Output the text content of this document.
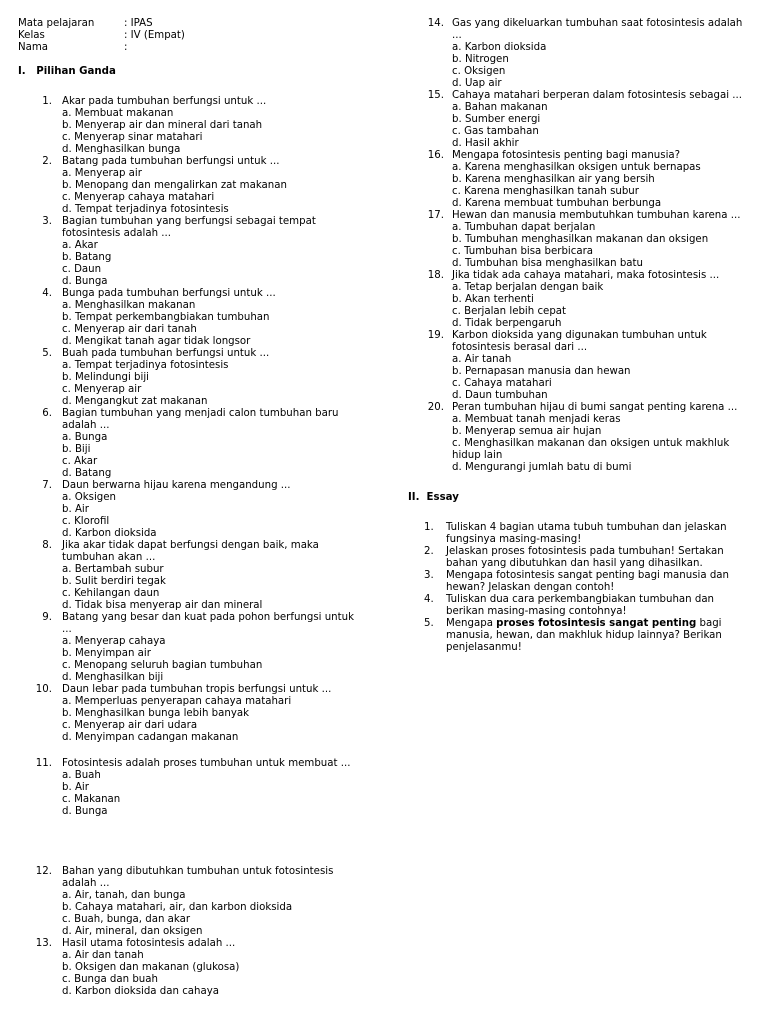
Mata pelajaran	: IPAS
Kelas	: IV (Empat)
Nama	:
I.   Pilihan Ganda
1. Akar pada tumbuhan berfungsi untuk ...
a. Membuat makanan
b. Menyerap air dan mineral dari tanah
c. Menyerap sinar matahari
d. Menghasilkan bunga
2. Batang pada tumbuhan berfungsi untuk ...
a. Menyerap air
b. Menopang dan mengalirkan zat makanan
c. Menyerap cahaya matahari
d. Tempat terjadinya fotosintesis
3. Bagian tumbuhan yang berfungsi sebagai tempat fotosintesis adalah ...
a. Akar
b. Batang
c. Daun
d. Bunga
4. Bunga pada tumbuhan berfungsi untuk ...
a. Menghasilkan makanan
b. Tempat perkembangbiakan tumbuhan
c. Menyerap air dari tanah
d. Mengikat tanah agar tidak longsor
5. Buah pada tumbuhan berfungsi untuk ...
a. Tempat terjadinya fotosintesis
b. Melindungi biji
c. Menyerap air
d. Mengangkut zat makanan
6. Bagian tumbuhan yang menjadi calon tumbuhan baru adalah ...
a. Bunga
b. Biji
c. Akar
d. Batang
7. Daun berwarna hijau karena mengandung ...
a. Oksigen
b. Air
c. Klorofil
d. Karbon dioksida
8. Jika akar tidak dapat berfungsi dengan baik, maka tumbuhan akan ...
a. Bertambah subur
b. Sulit berdiri tegak
c. Kehilangan daun
d. Tidak bisa menyerap air dan mineral
9. Batang yang besar dan kuat pada pohon berfungsi untuk ...
a. Menyerap cahaya
b. Menyimpan air
c. Menopang seluruh bagian tumbuhan
d. Menghasilkan biji
10. Daun lebar pada tumbuhan tropis berfungsi untuk ...
a. Memperluas penyerapan cahaya matahari
b. Menghasilkan bunga lebih banyak
c. Menyerap air dari udara
d. Menyimpan cadangan makanan
11. Fotosintesis adalah proses tumbuhan untuk membuat ...
a. Buah
b. Air
c. Makanan
d. Bunga
12. Bahan yang dibutuhkan tumbuhan untuk fotosintesis adalah ...
a. Air, tanah, dan bunga
b. Cahaya matahari, air, dan karbon dioksida
c. Buah, bunga, dan akar
d. Air, mineral, dan oksigen
13. Hasil utama fotosintesis adalah ...
a. Air dan tanah
b. Oksigen dan makanan (glukosa)
c. Bunga dan buah
d. Karbon dioksida dan cahaya
14. Gas yang dikeluarkan tumbuhan saat fotosintesis adalah ...
a. Karbon dioksida
b. Nitrogen
c. Oksigen
d. Uap air
15. Cahaya matahari berperan dalam fotosintesis sebagai ...
a. Bahan makanan
b. Sumber energi
c. Gas tambahan
d. Hasil akhir
16. Mengapa fotosintesis penting bagi manusia?
a. Karena menghasilkan oksigen untuk bernapas
b. Karena menghasilkan air yang bersih
c. Karena menghasilkan tanah subur
d. Karena membuat tumbuhan berbunga
17. Hewan dan manusia membutuhkan tumbuhan karena ...
a. Tumbuhan dapat berjalan
b. Tumbuhan menghasilkan makanan dan oksigen
c. Tumbuhan bisa berbicara
d. Tumbuhan bisa menghasilkan batu
18. Jika tidak ada cahaya matahari, maka fotosintesis ...
a. Tetap berjalan dengan baik
b. Akan terhenti
c. Berjalan lebih cepat
d. Tidak berpengaruh
19. Karbon dioksida yang digunakan tumbuhan untuk fotosintesis berasal dari ...
a. Air tanah
b. Pernapasan manusia dan hewan
c. Cahaya matahari
d. Daun tumbuhan
20. Peran tumbuhan hijau di bumi sangat penting karena ...
a. Membuat tanah menjadi keras
b. Menyerap semua air hujan
c. Menghasilkan makanan dan oksigen untuk makhluk hidup lain
d. Mengurangi jumlah batu di bumi
II.  Essay
1.	Tuliskan 4 bagian utama tubuh tumbuhan dan jelaskan fungsinya masing-masing!
2.	Jelaskan proses fotosintesis pada tumbuhan! Sertakan bahan yang dibutuhkan dan hasil yang dihasilkan.
3.	Mengapa fotosintesis sangat penting bagi manusia dan hewan? Jelaskan dengan contoh!
4.	Tuliskan dua cara perkembangbiakan tumbuhan dan berikan masing-masing contohnya!
5.	Mengapa proses fotosintesis sangat penting bagi manusia, hewan, dan makhluk hidup lainnya? Berikan penjelasanmu!
